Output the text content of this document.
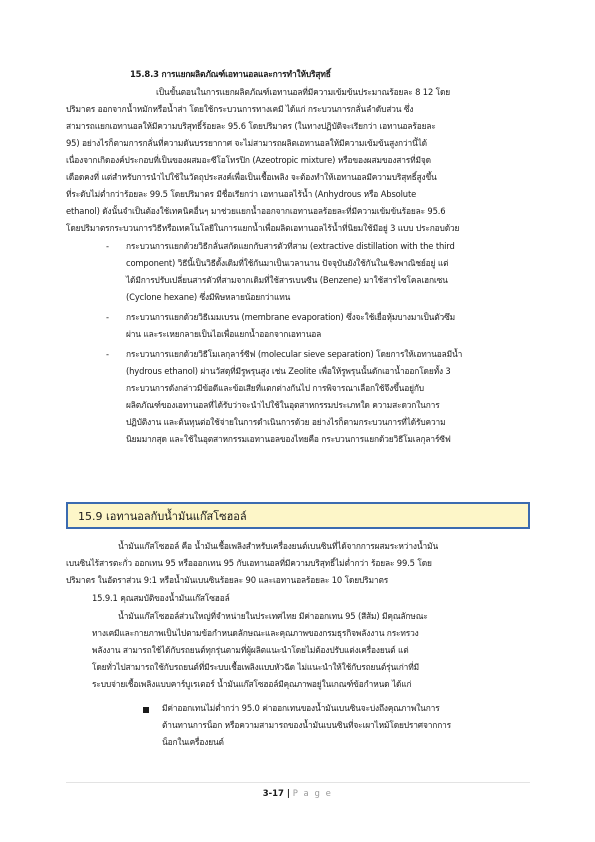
15.8.3 การแยกผลิตภัณฑ์เอทานอลและการทำให้บริสุทธิ์
เป็นขั้นตอนในการแยกผลิตภัณฑ์เอทานอลที่มีความเข้มข้นประมาณร้อยละ 8 12 โดย
ปริมาตร ออกจากน้ำหมักหรือน้ำส่า โดยใช้กระบวนการทางเคมี ได้แก่ กระบวนการกลั่นลำดับส่วน ซึ่ง
สามารถแยกเอทานอลให้มีความบริสุทธิ์ร้อยละ 95.6 โดยปริมาตร (ในทางปฏิบัติจะเรียกว่า เอทานอลร้อยละ
95) อย่างไรก็ตามการกลั่นที่ความดันบรรยากาศ จะไม่สามารถผลิตเอทานอลให้มีความเข้มข้นสูงกว่านี้ได้
เนื่องจากเกิดองค์ประกอบที่เป็นของผสมอะซีโอโทรปิก (Azeotropic mixture) หรือของผสมของสารที่มีจุด
เดือดคงที่ แต่สำหรับการนำไปใช้ในวัตถุประสงค์เพื่อเป็นเชื้อเพลิง จะต้องทำให้เอทานอลมีความบริสุทธิ์สูงขึ้น
ที่ระดับไม่ต่ำกว่าร้อยละ 99.5 โดยปริมาตร มีชื่อเรียกว่า เอทานอลไร้น้ำ (Anhydrous หรือ Absolute
ethanol) ดังนั้นจำเป็นต้องใช้เทคนิคอื่นๆ มาช่วยแยกน้ำออกจากเอทานอลร้อยละที่มีความเข้มข้นร้อยละ 95.6
โดยปริมาตรกระบวนการวิธีหรือเทคโนโลยีในการแยกน้ำเพื่อผลิตเอทานอลไร้น้ำที่นิยมใช้มีอยู่ 3 แบบ ประกอบด้วย
- กระบวนการแยกด้วยวิธีกลั่นสกัดแยกกับสารตัวที่สาม (extractive distillation with the third
component) วิธีนี้เป็นวิธีดั้งเดิมที่ใช้กันมาเป็นเวลานาน ปัจจุบันยังใช้กันในเชิงพาณิชย์อยู่ แต่
ได้มีการปรับเปลี่ยนสารตัวที่สามจากเดิมที่ใช้สารเบนซีน (Benzene) มาใช้สารไซโคลเฮกเซน
(Cyclone hexane) ซึ่งมีพิษหลายน้อยกว่าแทน
- กระบวนการแยกด้วยวิธีเมมเบรน (membrane evaporation) ซึ่งจะใช้เยื่อหุ้มบางมาเป็นตัวซึม
ผ่าน และระเหยกลายเป็นไอเพื่อแยกน้ำออกจากเอทานอล
- กระบวนการแยกด้วยวิธีโมเลกุลาร์ซีฟ (molecular sieve separation) โดยการให้เอทานอลมีน้ำ
(hydrous ethanol) ผ่านวัสดุที่มีรูพรุนสูง เช่น Zeolite เพื่อให้รูพรุนนั้นดักเอาน้ำออกโดยทั้ง 3
กระบวนการดังกล่าวมีข้อดีและข้อเสียที่แตกต่างกันไป การพิจารณาเลือกใช้จึงขึ้นอยู่กับ
ผลิตภัณฑ์ของเอทานอลที่ได้รับว่าจะนำไปใช้ในอุตสาหกรรมประเภทใด ความสะดวกในการ
ปฏิบัติงาน และต้นทุนต่อใช้จ่ายในการดำเนินการด้วย อย่างไรก็ตามกระบวนการที่ได้รับความ
นิยมมากสุด และใช้ในอุตสาหกรรมเอทานอลของไทยคือ กระบวนการแยกด้วยวิธีโมเลกุลาร์ซีฟ
15.9 เอทานอลกับน้ำมันแก๊สโซฮอล์
น้ำมันแก๊สโซฮอล์ คือ น้ำมันเชื้อเพลิงสำหรับเครื่องยนต์เบนซินที่ได้จากการผสมระหว่างน้ำมัน
เบนซินไร้สารตะกั่ว ออกเทน 95 หรือออกเทน 95 กับเอทานอลที่มีความบริสุทธิ์ไม่ต่ำกว่า ร้อยละ 99.5 โดย
ปริมาตร ในอัตราส่วน 9:1 หรือน้ำมันเบนซินร้อยละ 90 และเอทานอลร้อยละ 10 โดยปริมาตร
15.9.1 คุณสมบัติของน้ำมันแก๊สโซฮอล์
น้ำมันแก๊สโซฮอล์ส่วนใหญ่ที่จำหน่ายในประเทศไทย มีค่าออกเทน 95 (สีส้ม) มีคุณลักษณะ
ทางเคมีและกายภาพเป็นไปตามข้อกำหนดลักษณะและคุณภาพของกรมธุรกิจพลังงาน กระทรวง
พลังงาน สามารถใช้ได้กับรถยนต์ทุกรุ่นตามที่ผู้ผลิตแนะนำโดยไม่ต้องปรับแต่งเครื่องยนต์ แต่
โดยทั่วไปสามารถใช้กับรถยนต์ที่มีระบบเชื้อเพลิงแบบหัวฉีด ไม่แนะนำให้ใช้กับรถยนต์รุ่นเก่าที่มี
ระบบจ่ายเชื้อเพลิงแบบคาร์บูเรเตอร์ น้ำมันแก๊สโซฮอล์มีคุณภาพอยู่ในเกณฑ์ข้อกำหนด ได้แก่
มีค่าออกเทนไม่ต่ำกว่า 95.0 ค่าออกเทนของน้ำมันเบนซินจะบ่งถึงคุณภาพในการ
ต้านทานการน็อก หรือความสามารถของน้ำมันเบนซินที่จะเผาไหม้โดยปราศจากการ
น็อกในเครื่องยนต์
3-17 | P a g e
